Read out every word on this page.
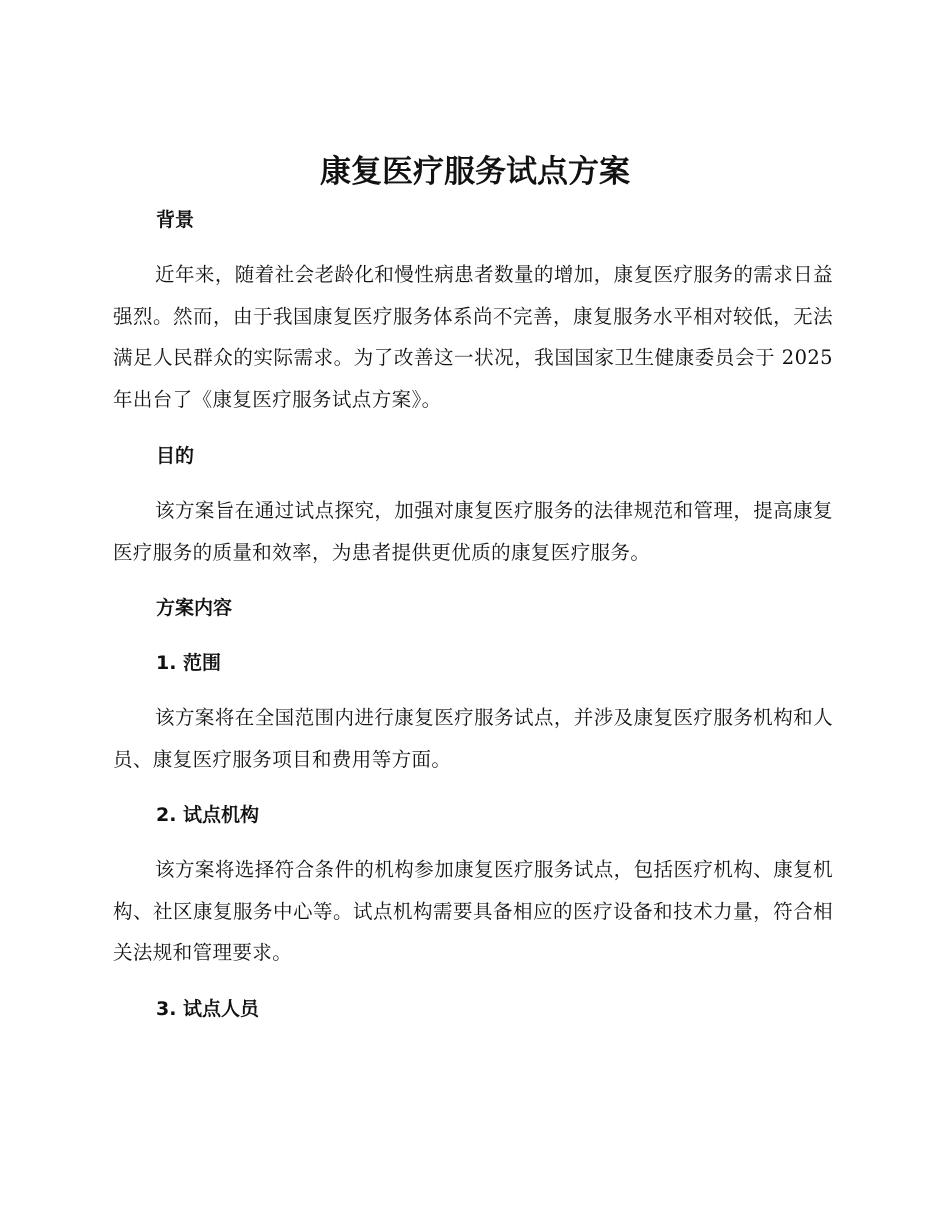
康复医疗服务试点方案
背景

近年来，随着社会老龄化和慢性病患者数量的增加，康复医疗服务的需求日益强烈。然而，由于我国康复医疗服务体系尚不完善，康复服务水平相对较低，无法满足人民群众的实际需求。为了改善这一状况，我国国家卫生健康委员会于 2025 年出台了《康复医疗服务试点方案》。

目的

该方案旨在通过试点探究，加强对康复医疗服务的法律规范和管理，提高康复医疗服务的质量和效率，为患者提供更优质的康复医疗服务。

方案内容
1. 范围

该方案将在全国范围内进行康复医疗服务试点，并涉及康复医疗服务机构和人员、康复医疗服务项目和费用等方面。

2. 试点机构

该方案将选择符合条件的机构参加康复医疗服务试点，包括医疗机构、康复机构、社区康复服务中心等。试点机构需要具备相应的医疗设备和技术力量，符合相关法规和管理要求。

3. 试点人员
